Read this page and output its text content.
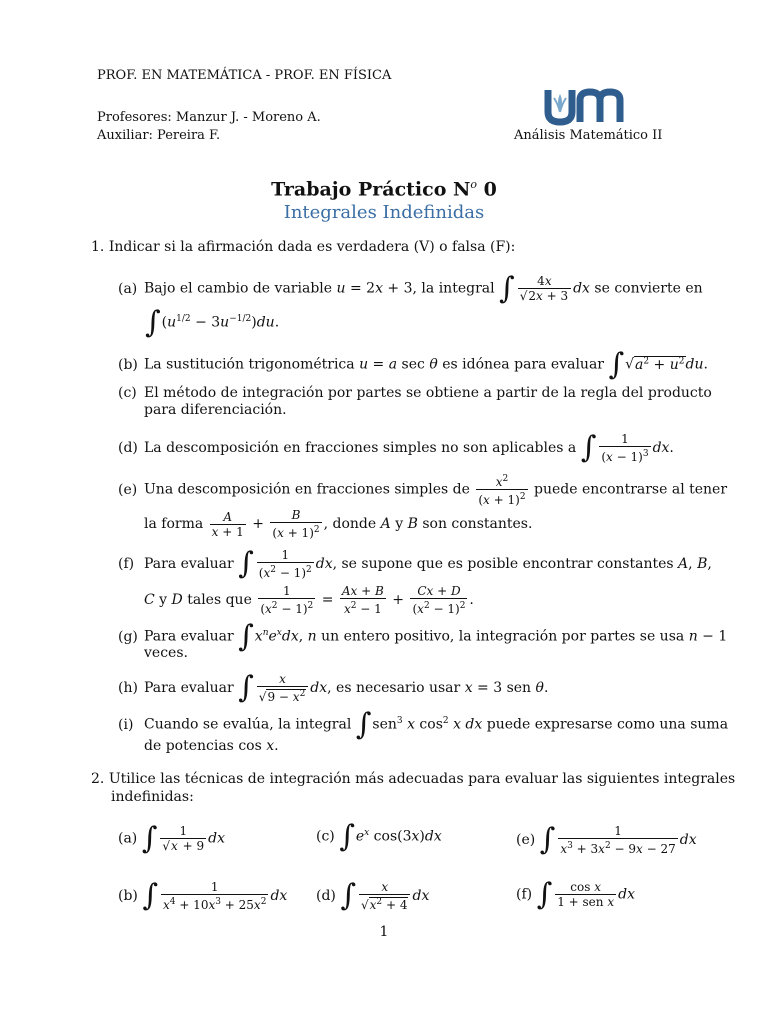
PROF. EN MATEMÁTICA - PROF. EN FÍSICA
Profesores: Manzur J. - Moreno A.
Auxiliar: Pereira F.	Análisis Matemático II
Trabajo Práctico $N^o$ 0
Integrales Indefinidas
1. Indicar si la afirmación dada es verdadera (V) o falsa (F):
(a) Bajo el cambio de variable u = 2x + 3, la integral ∫ $\frac{4x}{√2x + 3}$ dx se convierte en
$\int(u^{1/2} - 3u^{-1/2})du$.
(b) La sustitución trigonométrica u = a sec θ es idónea para evaluar $\int√a^2 + u^2du$.
(c) El método de integración por partes se obtiene a partir de la regla del producto
para diferenciación.
(d) La descomposición en fracciones simples no son aplicables a ∫ $\frac{1}{(x - 1)^3}$ dx.
(e) Una descomposición en fracciones simples de $\frac{x^2}{(x + 1)^2}$ puede encontrarse al tener
la forma $\frac{A}{x + 1} + \frac{B}{(x + 1)^2}$ , donde A y B son constantes.
(f) Para evaluar ∫ $\frac{1}{(x^2 - 1)^2}$ dx, se supone que es posible encontrar constantes A, B,
C y D tales que $\frac{1}{(x^2 - 1)^2} = \frac{Ax + B}{x^2 - 1} + \frac{Cx + D}{(x^2 - 1)^2}$ .
(g) Para evaluar $\int x^ne^xdx$, n un entero positivo, la integración por partes se usa n − 1
veces.
(h) Para evaluar ∫ $\frac{x}{√9 - x^2}$ dx, es necesario usar x = 3 sen θ.
(i) Cuando se evalúa, la integral ∫sen$^3$ x $\cos^2 x$ dx puede expresarse como una suma
de potencias cos x.
2. Utilice las técnicas de integración más adecuadas para evaluar las siguientes integrales
indefinidas:
(a) ∫ $\frac{1}{√x + 9}$ dx	(c) $\int e^x$ cos(3x)dx	(e) ∫ $\frac{1}{x^3 + 3x^2 - 9x - 27}$ dx
(b) ∫ $\frac{1}{x^4 + 10x^3 + 25x^2}$ dx (d) ∫ $\frac{x}{√x^2 + 4}$ dx	(f) ∫ $\frac{\text{cos x}}{\text{1 + sen x}}$ dx
1
